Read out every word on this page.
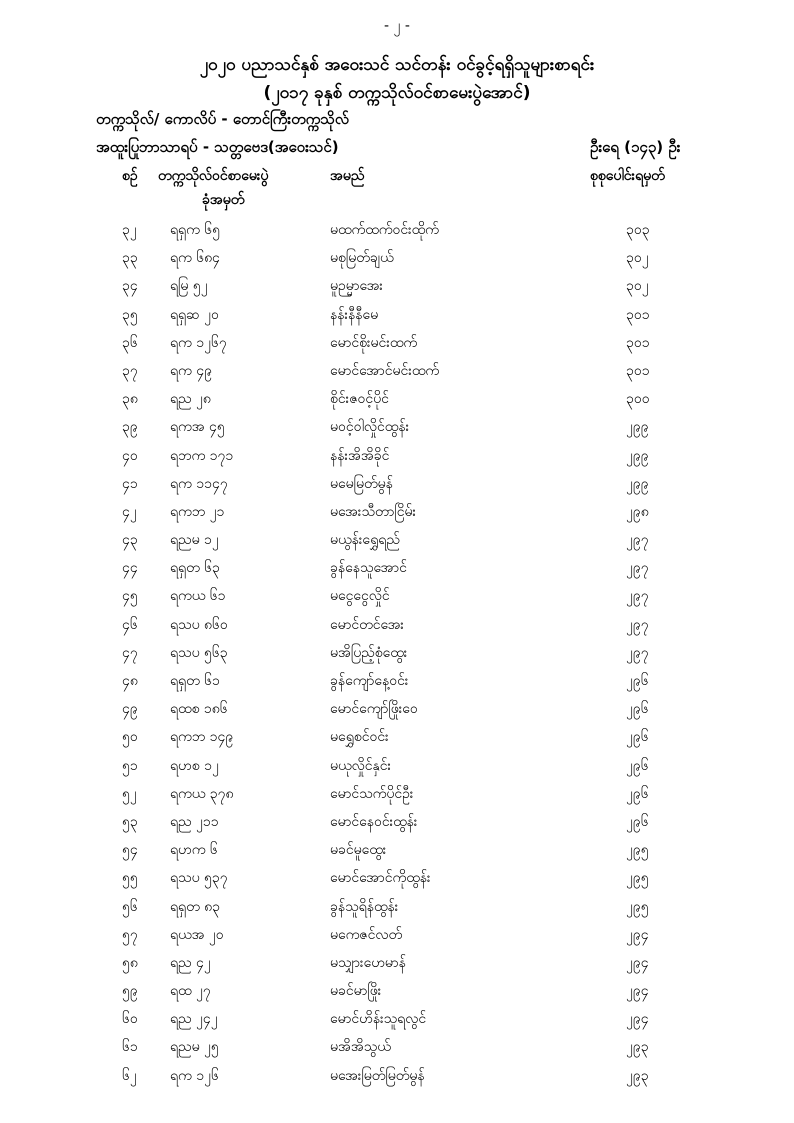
- ၂ -
၂၀၂၀ ပညာသင်နှစ် အဝေးသင် သင်တန်း ဝင်ခွင့်ရရှိသူများစာရင်း
(၂၀၁၇ ခုနှစ် တက္ကသိုလ်ဝင်စာမေးပွဲအောင်)
တက္ကသိုလ်/ ကောလိပ် - တောင်ကြီးတက္ကသိုလ်
အထူးပြုဘာသာရပ် - သတ္တဗေဒ(အဝေးသင်)	ဦးရေ (၁၄၃) ဦး
စဉ် တက္ကသိုလ်ဝင်စာမေးပွဲ
ခုံအမှတ်
အမည်	စုစုပေါင်းရမှတ်
၃၂ ရရှက ၆၅	မထက်ထက်ဝင်းထိုက်	၃၀၃
၃၃ ရက ၆၈၄	မစုမြတ်ချယ်	၃၀၂
၃၄ ရမြ ၅၂	မူဉမ္မာအေး	၃၀၂
၃၅ ရရှဆ ၂၀	နန်းနီနီမေ	၃၀၁
၃၆ ရက ၁၂၆၇	မောင်စိုးမင်းထက်	၃၀၁
၃၇ ရက ၄၉	မောင်အောင်မင်းထက်	၃၀၁
၃၈ ရည ၂၈	စိုင်းဇဝင့်ပိုင်	၃၀၀
၃၉ ရကအ ၄၅	မဝင့်ဝါလှိုင်ထွန်း	၂၉၉
၄၀ ရဘက ၁၇၁	နန်းအိအိခိုင်	၂၉၉
၄၁ ရက ၁၁၄၇	မမေမြတ်မွန်	၂၉၉
၄၂ ရကဘ ၂၁	မအေးသီတာငြိမ်း	၂၉၈
၄၃ ရညမ ၁၂	မယွန်းရွှေရည်	၂၉၇
၄၄ ရရှတ ၆၃	ခွန်နေသူအောင်	၂၉၇
၄၅ ရကယ ၆၁	မငွေငွေလှိုင်	၂၉၇
၄၆ ရသပ ၈၆၀	မောင်တင်အေး	၂၉၇
၄၇ ရသပ ၅၆၃	မအိပြည့်စုံထွေး	၂၉၇
၄၈ ရရှတ ၆၁	ခွန်ကျော်နေ့ဝင်း	၂၉၆
၄၉ ရထစ ၁၈၆	မောင်ကျော်ဖြိုးဝေ	၂၉၆
၅၀ ရကဘ ၁၄၉	မရွှေစင်ဝင်း	၂၉၆
၅၁ ရဟစ ၁၂	မယုလှိုင်နှင်း	၂၉၆
၅၂ ရကယ ၃၇၈	မောင်သက်ပိုင်ဦး	၂၉၆
၅၃ ရည ၂၁၁	မောင်နေဝင်းထွန်း	၂၉၆
၅၄ ရဟက ၆	မခင်မူထွေး	၂၉၅
၅၅ ရသပ ၅၃၇	မောင်အောင်ကိုထွန်း	၂၉၅
၅၆ ရရှတ ၈၃	ခွန်သူရိန်ထွန်း	၂၉၅
၅၇ ရယအ ၂၀	မကေဇင်လတ်	၂၉၄
၅၈ ရည ၄၂	မသျှားဟေမာန်	၂၉၄
၅၉ ရထ ၂၇	မခင်မာဖြိုး	၂၉၄
၆၀ ရည ၂၄၂	မောင်ဟိန်းသူရလွင်	၂၉၄
၆၁ ရညမ ၂၅	မအိအိသွယ်	၂၉၃
၆၂ ရက ၁၂၆	မအေးမြတ်မြတ်မွန်	၂၉၃
